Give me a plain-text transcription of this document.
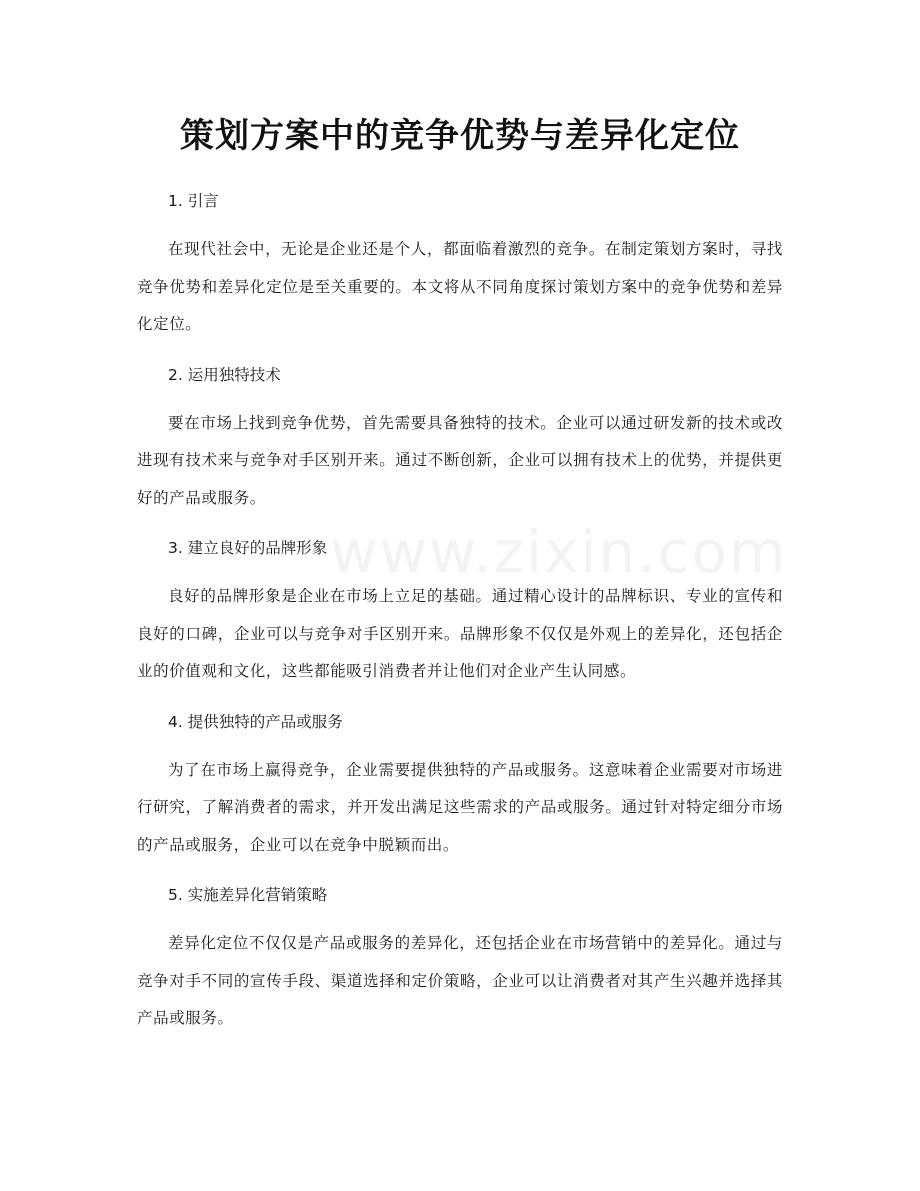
策划方案中的竞争优势与差异化定位
www.zixin.com
1. 引言

在现代社会中，无论是企业还是个人，都面临着激烈的竞争。在制定策划方案时，寻找竞争优势和差异化定位是至关重要的。本文将从不同角度探讨策划方案中的竞争优势和差异化定位。

2. 运用独特技术

要在市场上找到竞争优势，首先需要具备独特的技术。企业可以通过研发新的技术或改进现有技术来与竞争对手区别开来。通过不断创新，企业可以拥有技术上的优势，并提供更好的产品或服务。

3. 建立良好的品牌形象

良好的品牌形象是企业在市场上立足的基础。通过精心设计的品牌标识、专业的宣传和良好的口碑，企业可以与竞争对手区别开来。品牌形象不仅仅是外观上的差异化，还包括企业的价值观和文化，这些都能吸引消费者并让他们对企业产生认同感。

4. 提供独特的产品或服务

为了在市场上赢得竞争，企业需要提供独特的产品或服务。这意味着企业需要对市场进行研究，了解消费者的需求，并开发出满足这些需求的产品或服务。通过针对特定细分市场的产品或服务，企业可以在竞争中脱颖而出。

5. 实施差异化营销策略

差异化定位不仅仅是产品或服务的差异化，还包括企业在市场营销中的差异化。通过与竞争对手不同的宣传手段、渠道选择和定价策略，企业可以让消费者对其产生兴趣并选择其产品或服务。
